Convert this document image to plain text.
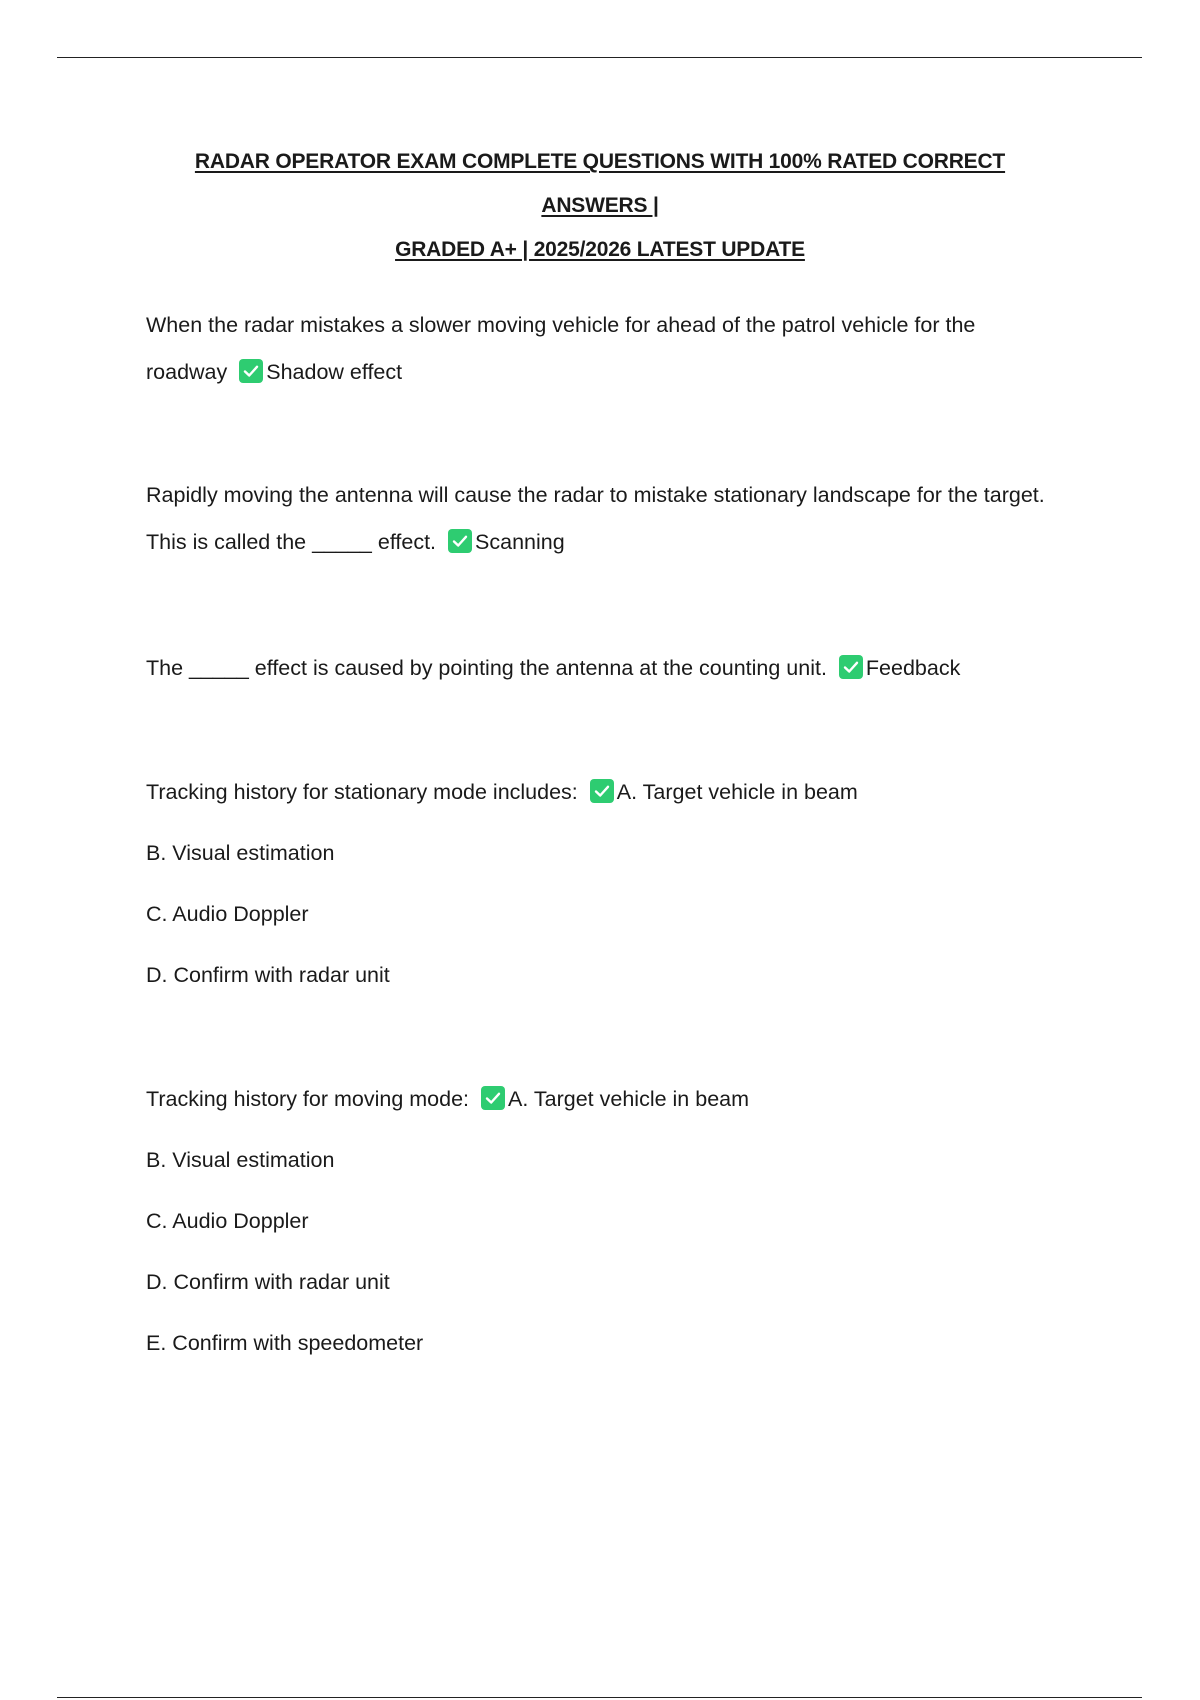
RADAR OPERATOR EXAM COMPLETE QUESTIONS WITH 100% RATED CORRECT ANSWERS |
GRADED A+ | 2025/2026 LATEST UPDATE
When the radar mistakes a slower moving vehicle for ahead of the patrol vehicle for the
roadway Shadow effect
Rapidly moving the antenna will cause the radar to mistake stationary landscape for the target.
This is called the _____ effect. Scanning
The _____ effect is caused by pointing the antenna at the counting unit. Feedback
Tracking history for stationary mode includes: A. Target vehicle in beam
B. Visual estimation
C. Audio Doppler
D. Confirm with radar unit
Tracking history for moving mode: A. Target vehicle in beam
B. Visual estimation
C. Audio Doppler
D. Confirm with radar unit
E. Confirm with speedometer
